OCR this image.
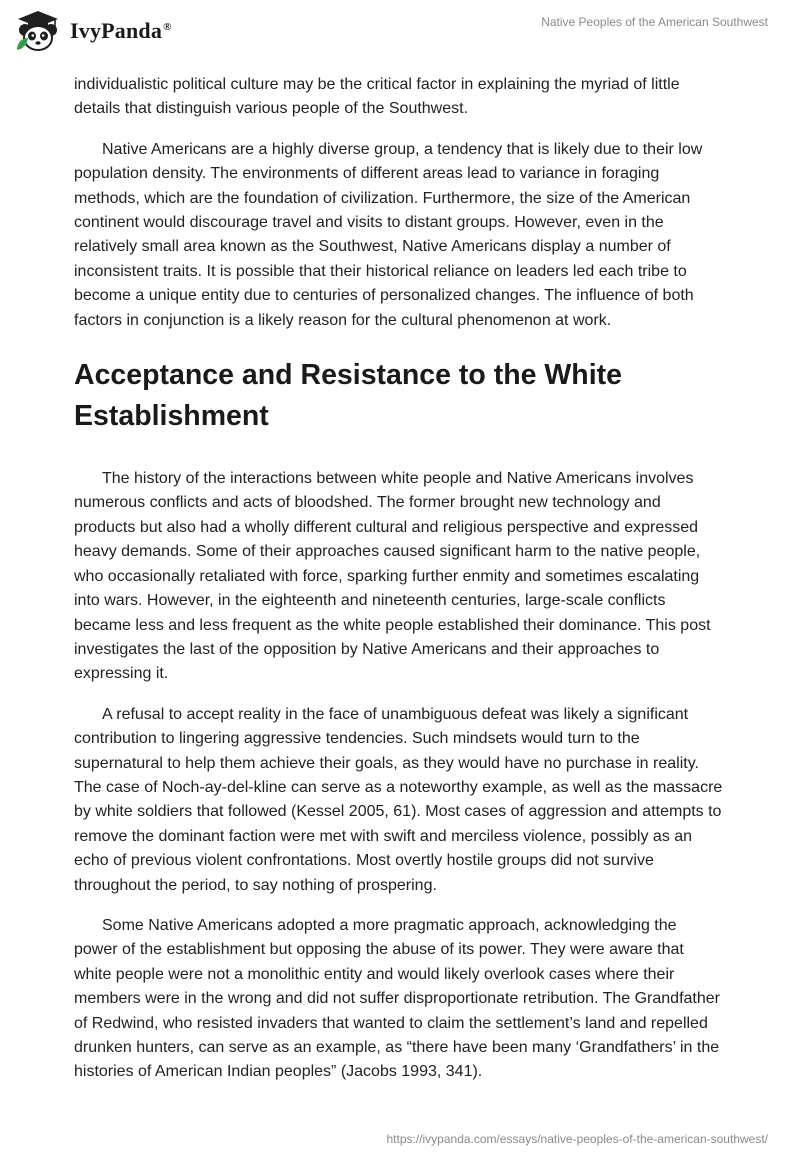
IvyPanda®	Native Peoples of the American Southwest

individualistic political culture may be the critical factor in explaining the myriad of little details that distinguish various people of the Southwest.

Native Americans are a highly diverse group, a tendency that is likely due to their low population density. The environments of different areas lead to variance in foraging methods, which are the foundation of civilization. Furthermore, the size of the American continent would discourage travel and visits to distant groups. However, even in the relatively small area known as the Southwest, Native Americans display a number of inconsistent traits. It is possible that their historical reliance on leaders led each tribe to become a unique entity due to centuries of personalized changes. The influence of both factors in conjunction is a likely reason for the cultural phenomenon at work.

Acceptance and Resistance to the White Establishment

The history of the interactions between white people and Native Americans involves numerous conflicts and acts of bloodshed. The former brought new technology and products but also had a wholly different cultural and religious perspective and expressed heavy demands. Some of their approaches caused significant harm to the native people, who occasionally retaliated with force, sparking further enmity and sometimes escalating into wars. However, in the eighteenth and nineteenth centuries, large-scale conflicts became less and less frequent as the white people established their dominance. This post investigates the last of the opposition by Native Americans and their approaches to expressing it.

A refusal to accept reality in the face of unambiguous defeat was likely a significant contribution to lingering aggressive tendencies. Such mindsets would turn to the supernatural to help them achieve their goals, as they would have no purchase in reality. The case of Noch-ay-del-kline can serve as a noteworthy example, as well as the massacre by white soldiers that followed (Kessel 2005, 61). Most cases of aggression and attempts to remove the dominant faction were met with swift and merciless violence, possibly as an echo of previous violent confrontations. Most overtly hostile groups did not survive throughout the period, to say nothing of prospering.

Some Native Americans adopted a more pragmatic approach, acknowledging the power of the establishment but opposing the abuse of its power. They were aware that white people were not a monolithic entity and would likely overlook cases where their members were in the wrong and did not suffer disproportionate retribution. The Grandfather of Redwind, who resisted invaders that wanted to claim the settlement’s land and repelled drunken hunters, can serve as an example, as “there have been many ‘Grandfathers’ in the histories of American Indian peoples” (Jacobs 1993, 341).

https://ivypanda.com/essays/native-peoples-of-the-american-southwest/
